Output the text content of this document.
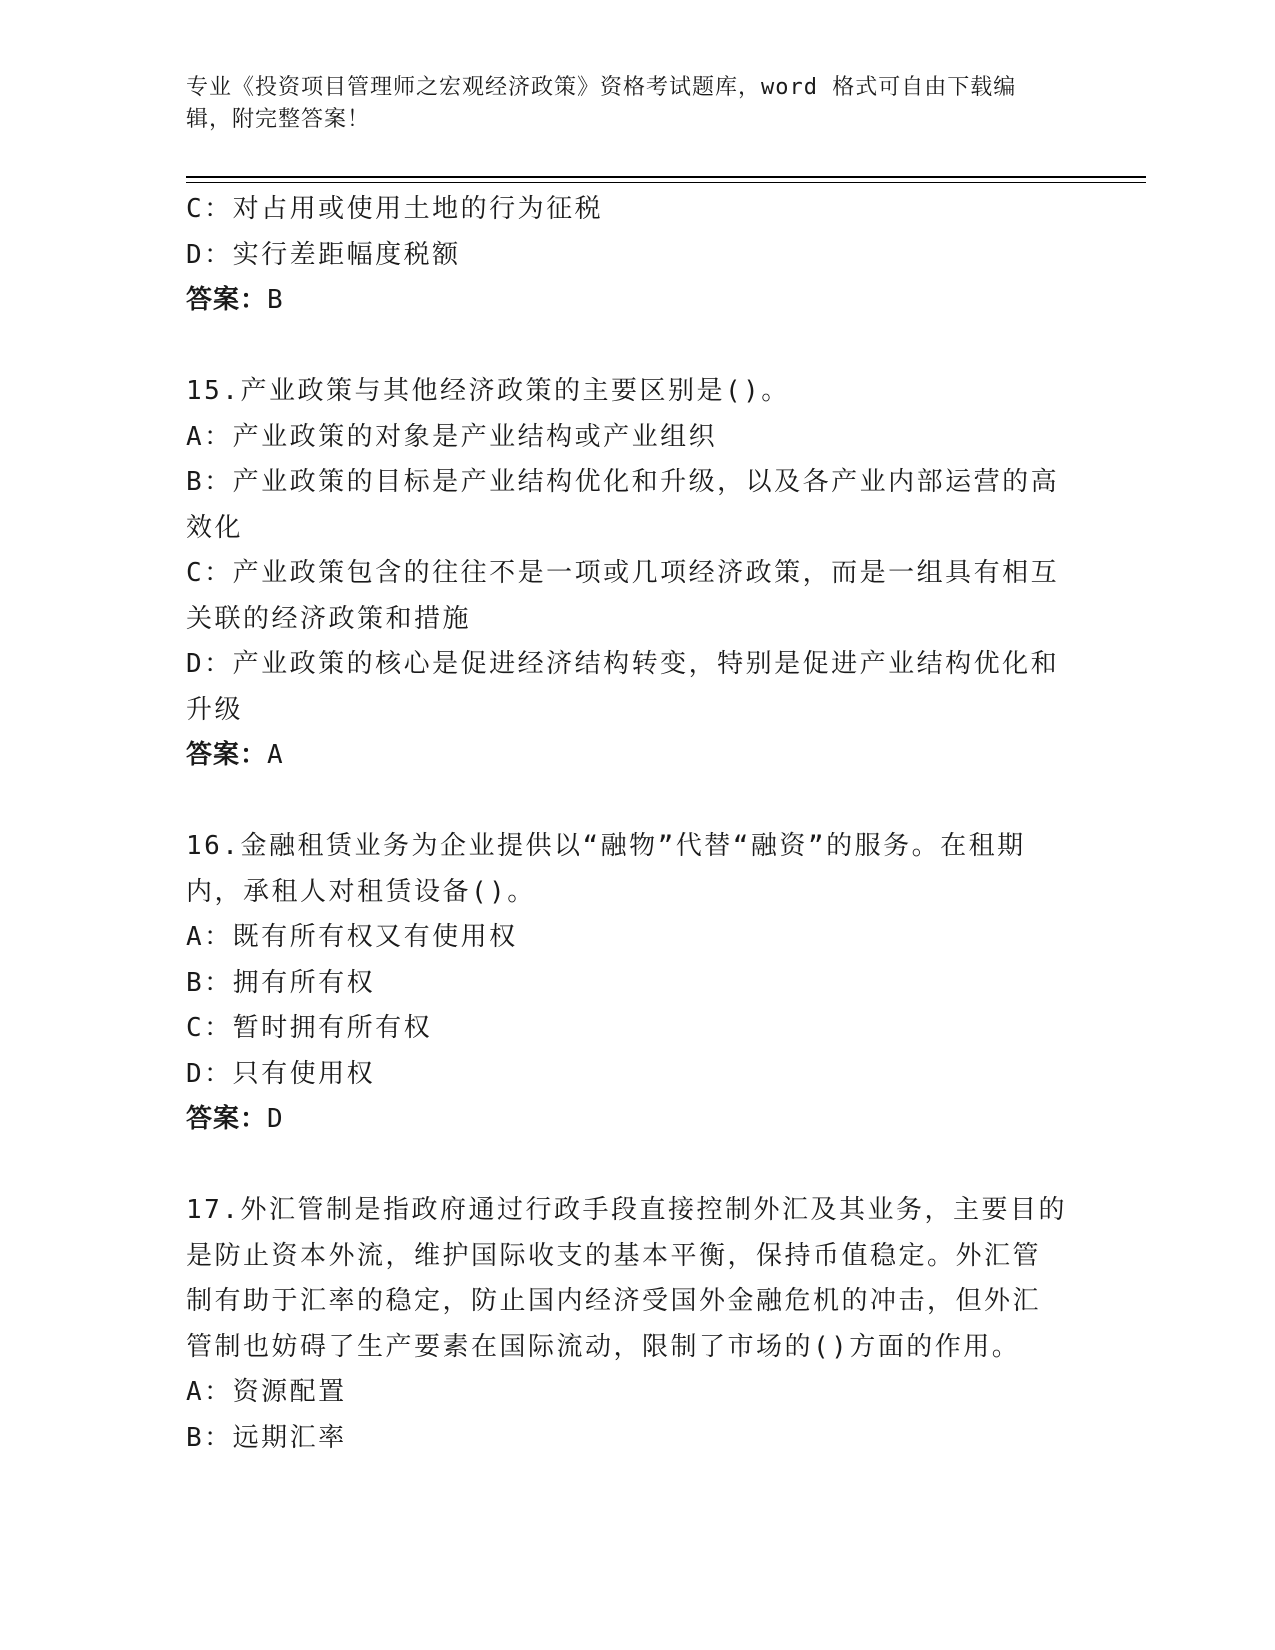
专业《投资项目管理师之宏观经济政策》资格考试题库，word 格式可自由下载编
辑，附完整答案！
C：对占用或使用土地的行为征税
D：实行差距幅度税额
答案：B
15.产业政策与其他经济政策的主要区别是()。
A：产业政策的对象是产业结构或产业组织
B：产业政策的目标是产业结构优化和升级，以及各产业内部运营的高
效化
C：产业政策包含的往往不是一项或几项经济政策，而是一组具有相互
关联的经济政策和措施
D：产业政策的核心是促进经济结构转变，特别是促进产业结构优化和
升级
答案：A
16.金融租赁业务为企业提供以“融物”代替“融资”的服务。在租期
内，承租人对租赁设备()。
A：既有所有权又有使用权
B：拥有所有权
C：暂时拥有所有权
D：只有使用权
答案：D
17.外汇管制是指政府通过行政手段直接控制外汇及其业务，主要目的
是防止资本外流，维护国际收支的基本平衡，保持币值稳定。外汇管
制有助于汇率的稳定，防止国内经济受国外金融危机的冲击，但外汇
管制也妨碍了生产要素在国际流动，限制了市场的()方面的作用。
A：资源配置
B：远期汇率
